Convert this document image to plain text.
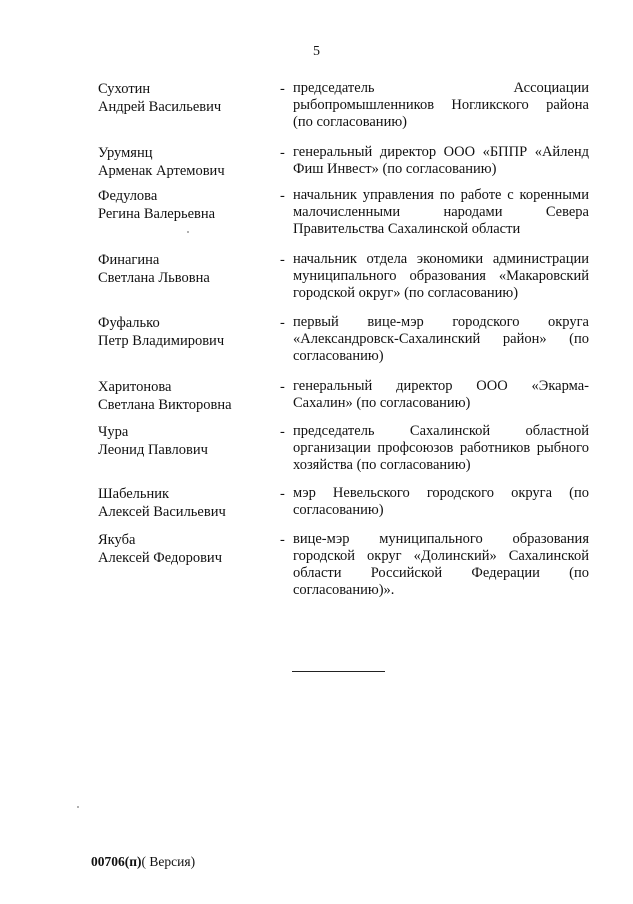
5
Сухотин
Андрей Васильевич
- председатель Ассоциации
рыбопромышленников Ногликского района
(по согласованию)
Урумянц
Арменак Артемович
- генеральный директор ООО «БППР «Айленд
Фиш Инвест» (по согласованию)
Федулова
Регина Валерьевна
- начальник управления по работе с коренными
малочисленными народами Севера
Правительства Сахалинской области
Финагина
Светлана Львовна
- начальник отдела экономики администрации
муниципального образования «Макаровский
городской округ» (по согласованию)
Фуфалько
Петр Владимирович
- первый вице-мэр городского округа
«Александровск-Сахалинский район» (по
согласованию)
Харитонова
Светлана Викторовна
- генеральный директор ООО «Экарма-
Сахалин» (по согласованию)
Чура
Леонид Павлович
- председатель Сахалинской областной
организации профсоюзов работников рыбного
хозяйства (по согласованию)
Шабельник
Алексей Васильевич
- мэр Невельского городского округа (по
согласованию)
Якуба
Алексей Федорович
- вице-мэр муниципального образования
городской округ «Долинский» Сахалинской
области Российской Федерации (по
согласованию)».
00706(п)( Версия)
